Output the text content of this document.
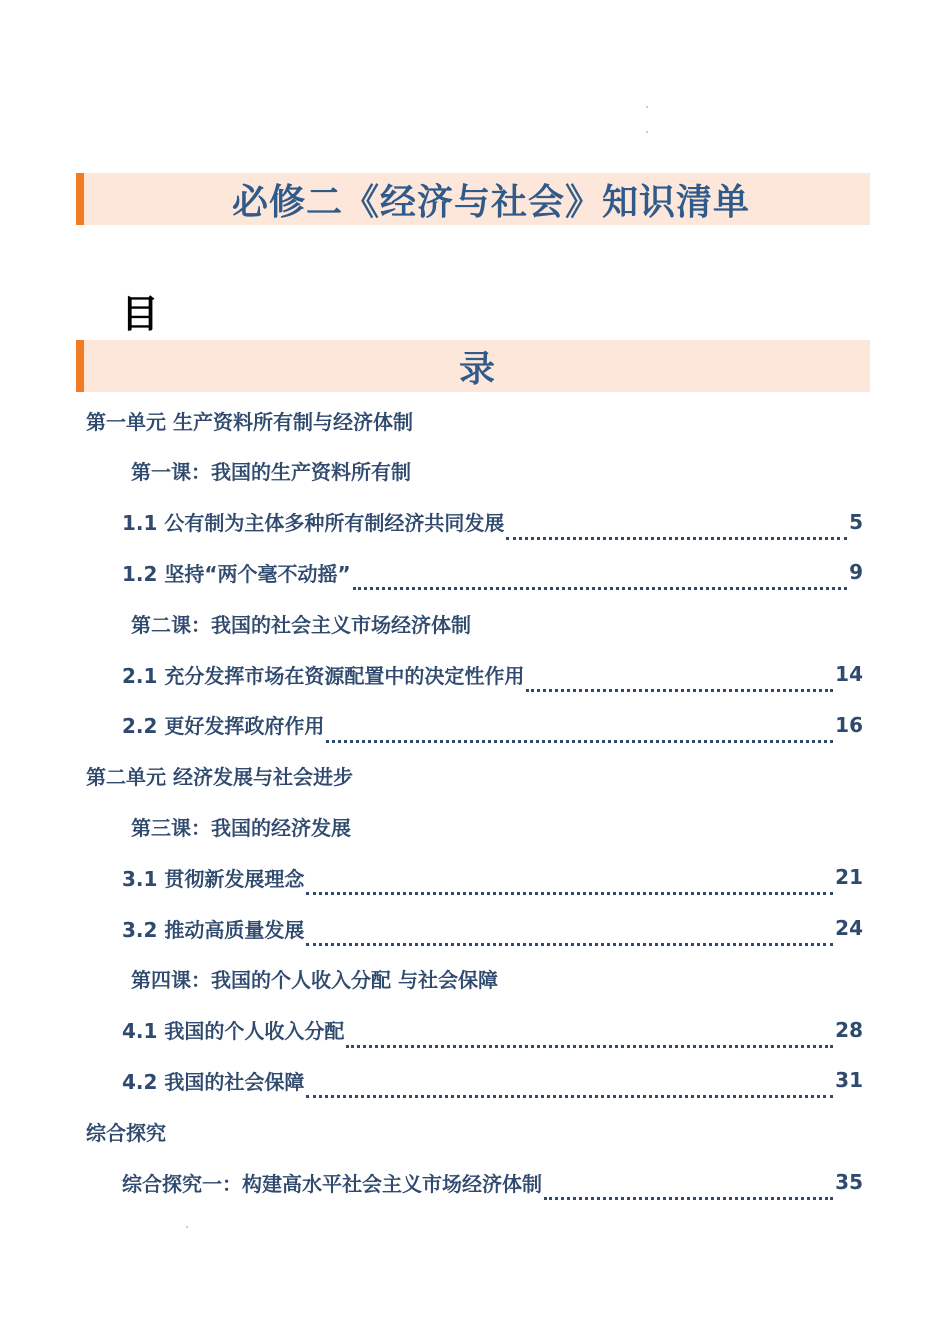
必修二《经济与社会》知识清单
目
录
第一单元 生产资料所有制与经济体制
第一课：我国的生产资料所有制
1.1 公有制为主体多种所有制经济共同发展	5
1.2 坚持“两个毫不动摇”	9
第二课：我国的社会主义市场经济体制
2.1 充分发挥市场在资源配置中的决定性作用	14
2.2 更好发挥政府作用	16
第二单元 经济发展与社会进步
第三课：我国的经济发展
3.1 贯彻新发展理念	21
3.2 推动高质量发展	24
第四课：我国的个人收入分配 与社会保障
4.1 我国的个人收入分配	28
4.2 我国的社会保障	31
综合探究
综合探究一：构建高水平社会主义市场经济体制	35
